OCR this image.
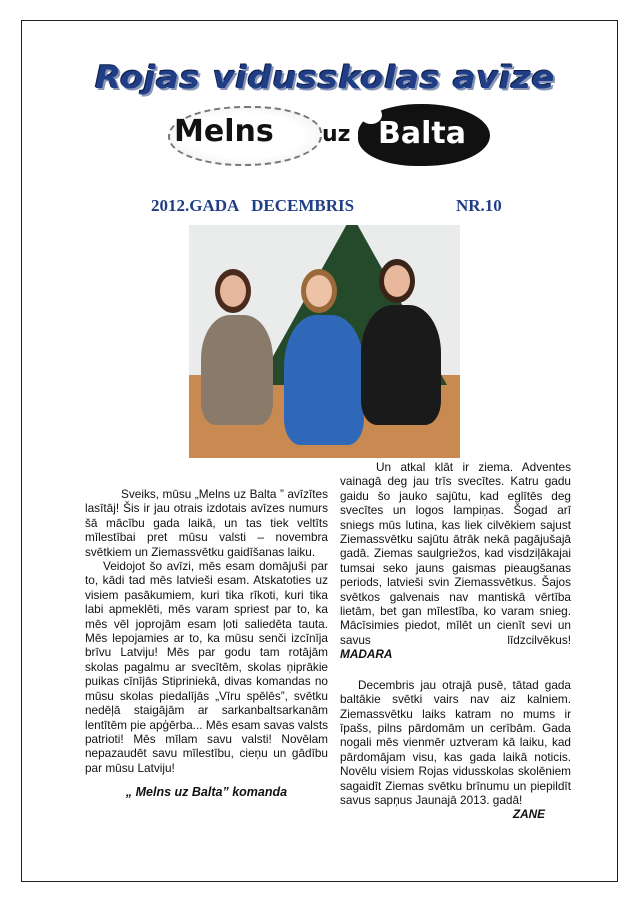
Rojas vidusskolas avīze
Melns uz Balta
2012.GADA   DECEMBRIS	NR.10

Sveiks, mūsu „Melns uz Balta ” avīzītes lasītāj! Šis ir jau otrais izdotais avīzes numurs šā mācību gada laikā, un tas tiek veltīts mīlestībai pret mūsu valsti – novembra svētkiem un Ziemassvētku gaidīšanas laiku.

Veidojot šo avīzi, mēs esam domājuši par to, kādi tad mēs latvieši esam. Atskatoties uz visiem pasākumiem, kuri tika rīkoti, kuri tika labi apmeklēti, mēs varam spriest par to, ka mēs vēl joprojām esam ļoti saliedēta tauta. Mēs lepojamies ar to, ka mūsu senči izcīnīja brīvu Latviju! Mēs par godu tam rotājām skolas pagalmu ar svecītēm, skolas ņiprākie puikas cīnījās Stipriniekā, divas komandas no mūsu skolas piedalījās „Vīru spēlēs”, svētku nedēļā staigājām ar sarkanbaltsarkanām lentītēm pie apģērba... Mēs esam savas valsts patrioti! Mēs mīlam savu valsti! Novēlam nepazaudēt savu mīlestību, cieņu un gādību par mūsu Latviju!

„ Melns uz Balta” komanda

Un atkal klāt ir ziema. Adventes vainagā deg jau trīs svecītes. Katru gadu gaidu šo jauko sajūtu, kad eglītēs deg svecītes un logos lampiņas. Šogad arī sniegs mūs lutina, kas liek cilvēkiem sajust Ziemassvētku sajūtu ātrāk nekā pagājušajā gadā. Ziemas saulgriežos, kad visdziļākajai tumsai seko jauns gaismas pieaugšanas periods, latvieši svin Ziemassvētkus. Šajos svētkos galvenais nav mantiskā vērtība lietām, bet gan mīlestība, ko varam snieg. Mācīsimies piedot, mīlēt un cienīt sevi un savus līdzcilvēkus!

MADARA

Decembris jau otrajā pusē, tātad gada baltākie svētki vairs nav aiz kalniem. Ziemassvētku laiks katram no mums ir īpašs, pilns pārdomām un cerībām. Gada nogali mēs vienmēr uztveram kā laiku, kad pārdomājam visu, kas gada laikā noticis. Novēlu visiem Rojas vidusskolas skolēniem sagaidīt Ziemas svētku brīnumu un piepildīt savus sapņus Jaunajā 2013. gadā!

ZANE
